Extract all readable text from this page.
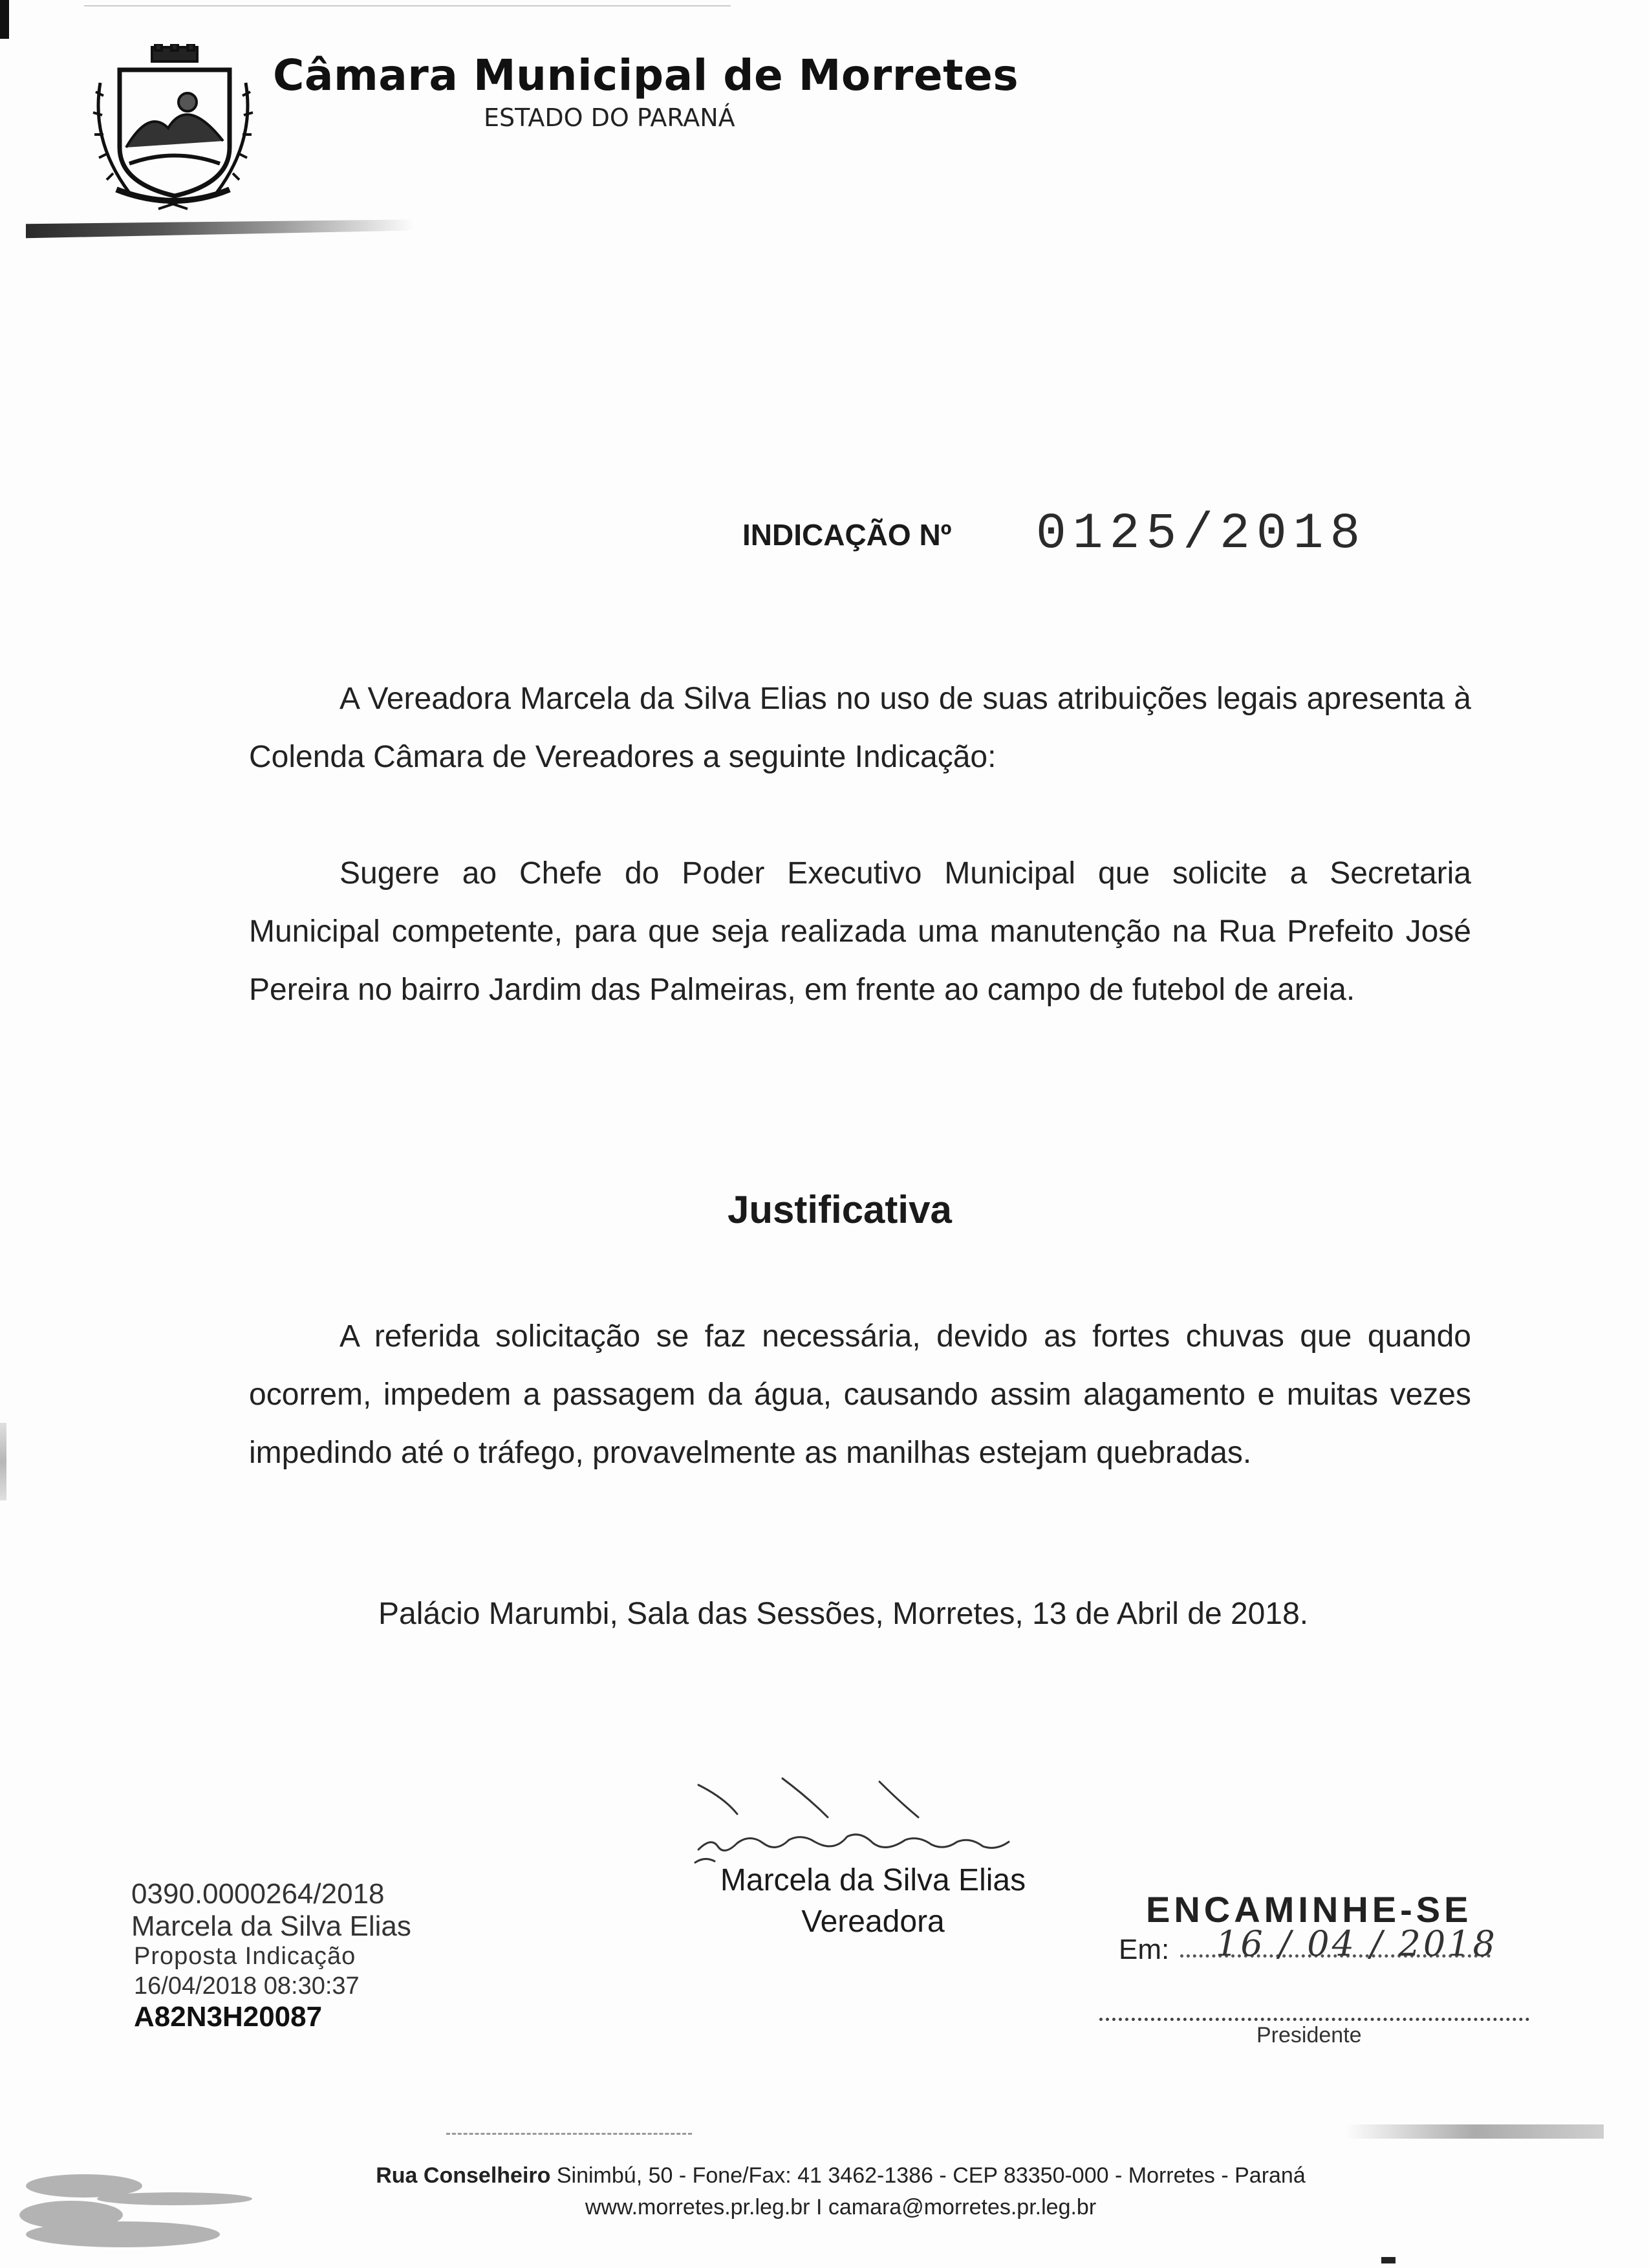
Câmara Municipal de Morretes
ESTADO DO PARANÁ
INDICAÇÃO Nº 0125/2018
A Vereadora Marcela da Silva Elias no uso de suas atribuições legais apresenta à Colenda Câmara de Vereadores a seguinte Indicação:
Sugere ao Chefe do Poder Executivo Municipal que solicite a Secretaria Municipal competente, para que seja realizada uma manutenção na Rua Prefeito José Pereira no bairro Jardim das Palmeiras, em frente ao campo de futebol de areia.
Justificativa
A referida solicitação se faz necessária, devido as fortes chuvas que quando ocorrem, impedem a passagem da água, causando assim alagamento e muitas vezes impedindo até o tráfego, provavelmente as manilhas estejam quebradas.
Palácio Marumbi, Sala das Sessões, Morretes, 13 de Abril de 2018.
Marcela da Silva Elias
Vereadora
0390.0000264/2018
Marcela da Silva Elias
Proposta Indicação
16/04/2018 08:30:37
A82N3H20087
ENCAMINHE-SE
Em: 16 / 04 / 2018
Presidente
Rua Conselheiro Sinimbú, 50 - Fone/Fax: 41 3462-1386 - CEP 83350-000 - Morretes - Paraná
www.morretes.pr.leg.br I camara@morretes.pr.leg.br
